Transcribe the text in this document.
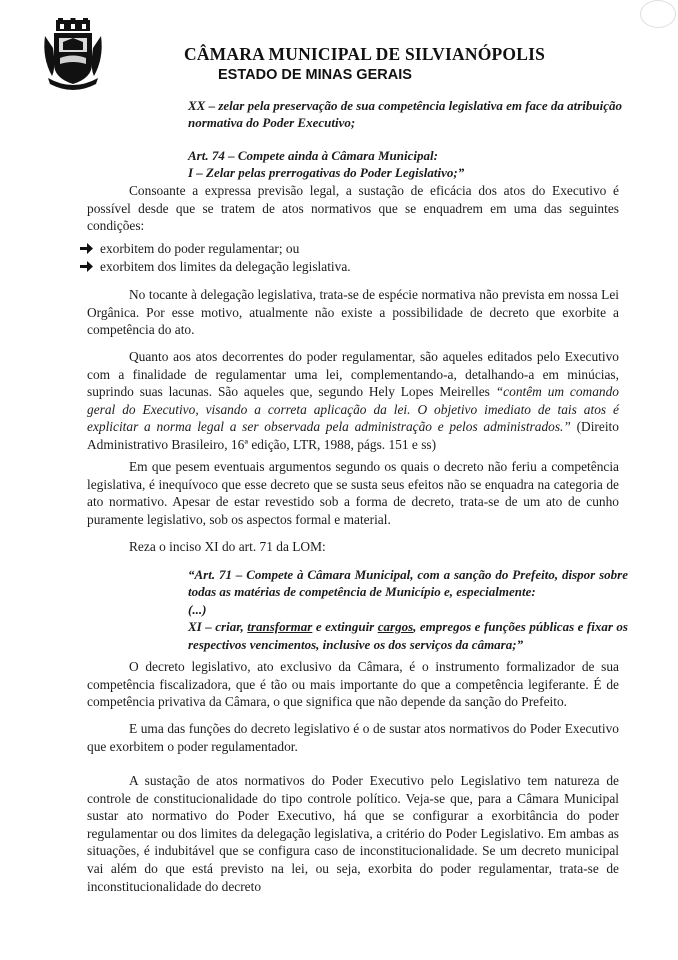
CÂMARA MUNICIPAL DE SILVIANÓPOLIS
ESTADO DE MINAS GERAIS
XX – zelar pela preservação de sua competência legislativa em face da atribuição normativa do Poder Executivo;
Art. 74 – Compete ainda à Câmara Municipal:
I – Zelar pelas prerrogativas do Poder Legislativo;”
Consoante a expressa previsão legal, a sustação de eficácia dos atos do Executivo é possível desde que se tratem de atos normativos que se enquadrem em uma das seguintes condições:
exorbitem do poder regulamentar; ou
exorbitem dos limites da delegação legislativa.
No tocante à delegação legislativa, trata-se de espécie normativa não prevista em nossa Lei Orgânica. Por esse motivo, atualmente não existe a possibilidade de decreto que exorbite a competência do ato.
Quanto aos atos decorrentes do poder regulamentar, são aqueles editados pelo Executivo com a finalidade de regulamentar uma lei, complementando-a, detalhando-a em minúcias, suprindo suas lacunas. São aqueles que, segundo Hely Lopes Meirelles “contêm um comando geral do Executivo, visando a correta aplicação da lei. O objetivo imediato de tais atos é explicitar a norma legal a ser observada pela administração e pelos administrados.” (Direito Administrativo Brasileiro, 16ª edição, LTR, 1988, págs. 151 e ss)
Em que pesem eventuais argumentos segundo os quais o decreto não feriu a competência legislativa, é inequívoco que esse decreto que se susta seus efeitos não se enquadra na categoria de ato normativo. Apesar de estar revestido sob a forma de decreto, trata-se de um ato de cunho puramente legislativo, sob os aspectos formal e material.
Reza o inciso XI do art. 71 da LOM:
“Art. 71 – Compete à Câmara Municipal, com a sanção do Prefeito, dispor sobre todas as matérias de competência de Município e, especialmente:
(...)
XI – criar, transformar e extinguir cargos, empregos e funções públicas e fixar os respectivos vencimentos, inclusive os dos serviços da câmara;”
O decreto legislativo, ato exclusivo da Câmara, é o instrumento formalizador de sua competência fiscalizadora, que é tão ou mais importante do que a competência legiferante. É de competência privativa da Câmara, o que significa que não depende da sanção do Prefeito.
E uma das funções do decreto legislativo é o de sustar atos normativos do Poder Executivo que exorbitem o poder regulamentador.
A sustação de atos normativos do Poder Executivo pelo Legislativo tem natureza de controle de constitucionalidade do tipo controle político. Veja-se que, para a Câmara Municipal sustar ato normativo do Poder Executivo, há que se configurar a exorbitância do poder regulamentar ou dos limites da delegação legislativa, a critério do Poder Legislativo. Em ambas as situações, é indubitável que se configura caso de inconstitucionalidade. Se um decreto municipal vai além do que está previsto na lei, ou seja, exorbita do poder regulamentar, trata-se de inconstitucionalidade do decreto
